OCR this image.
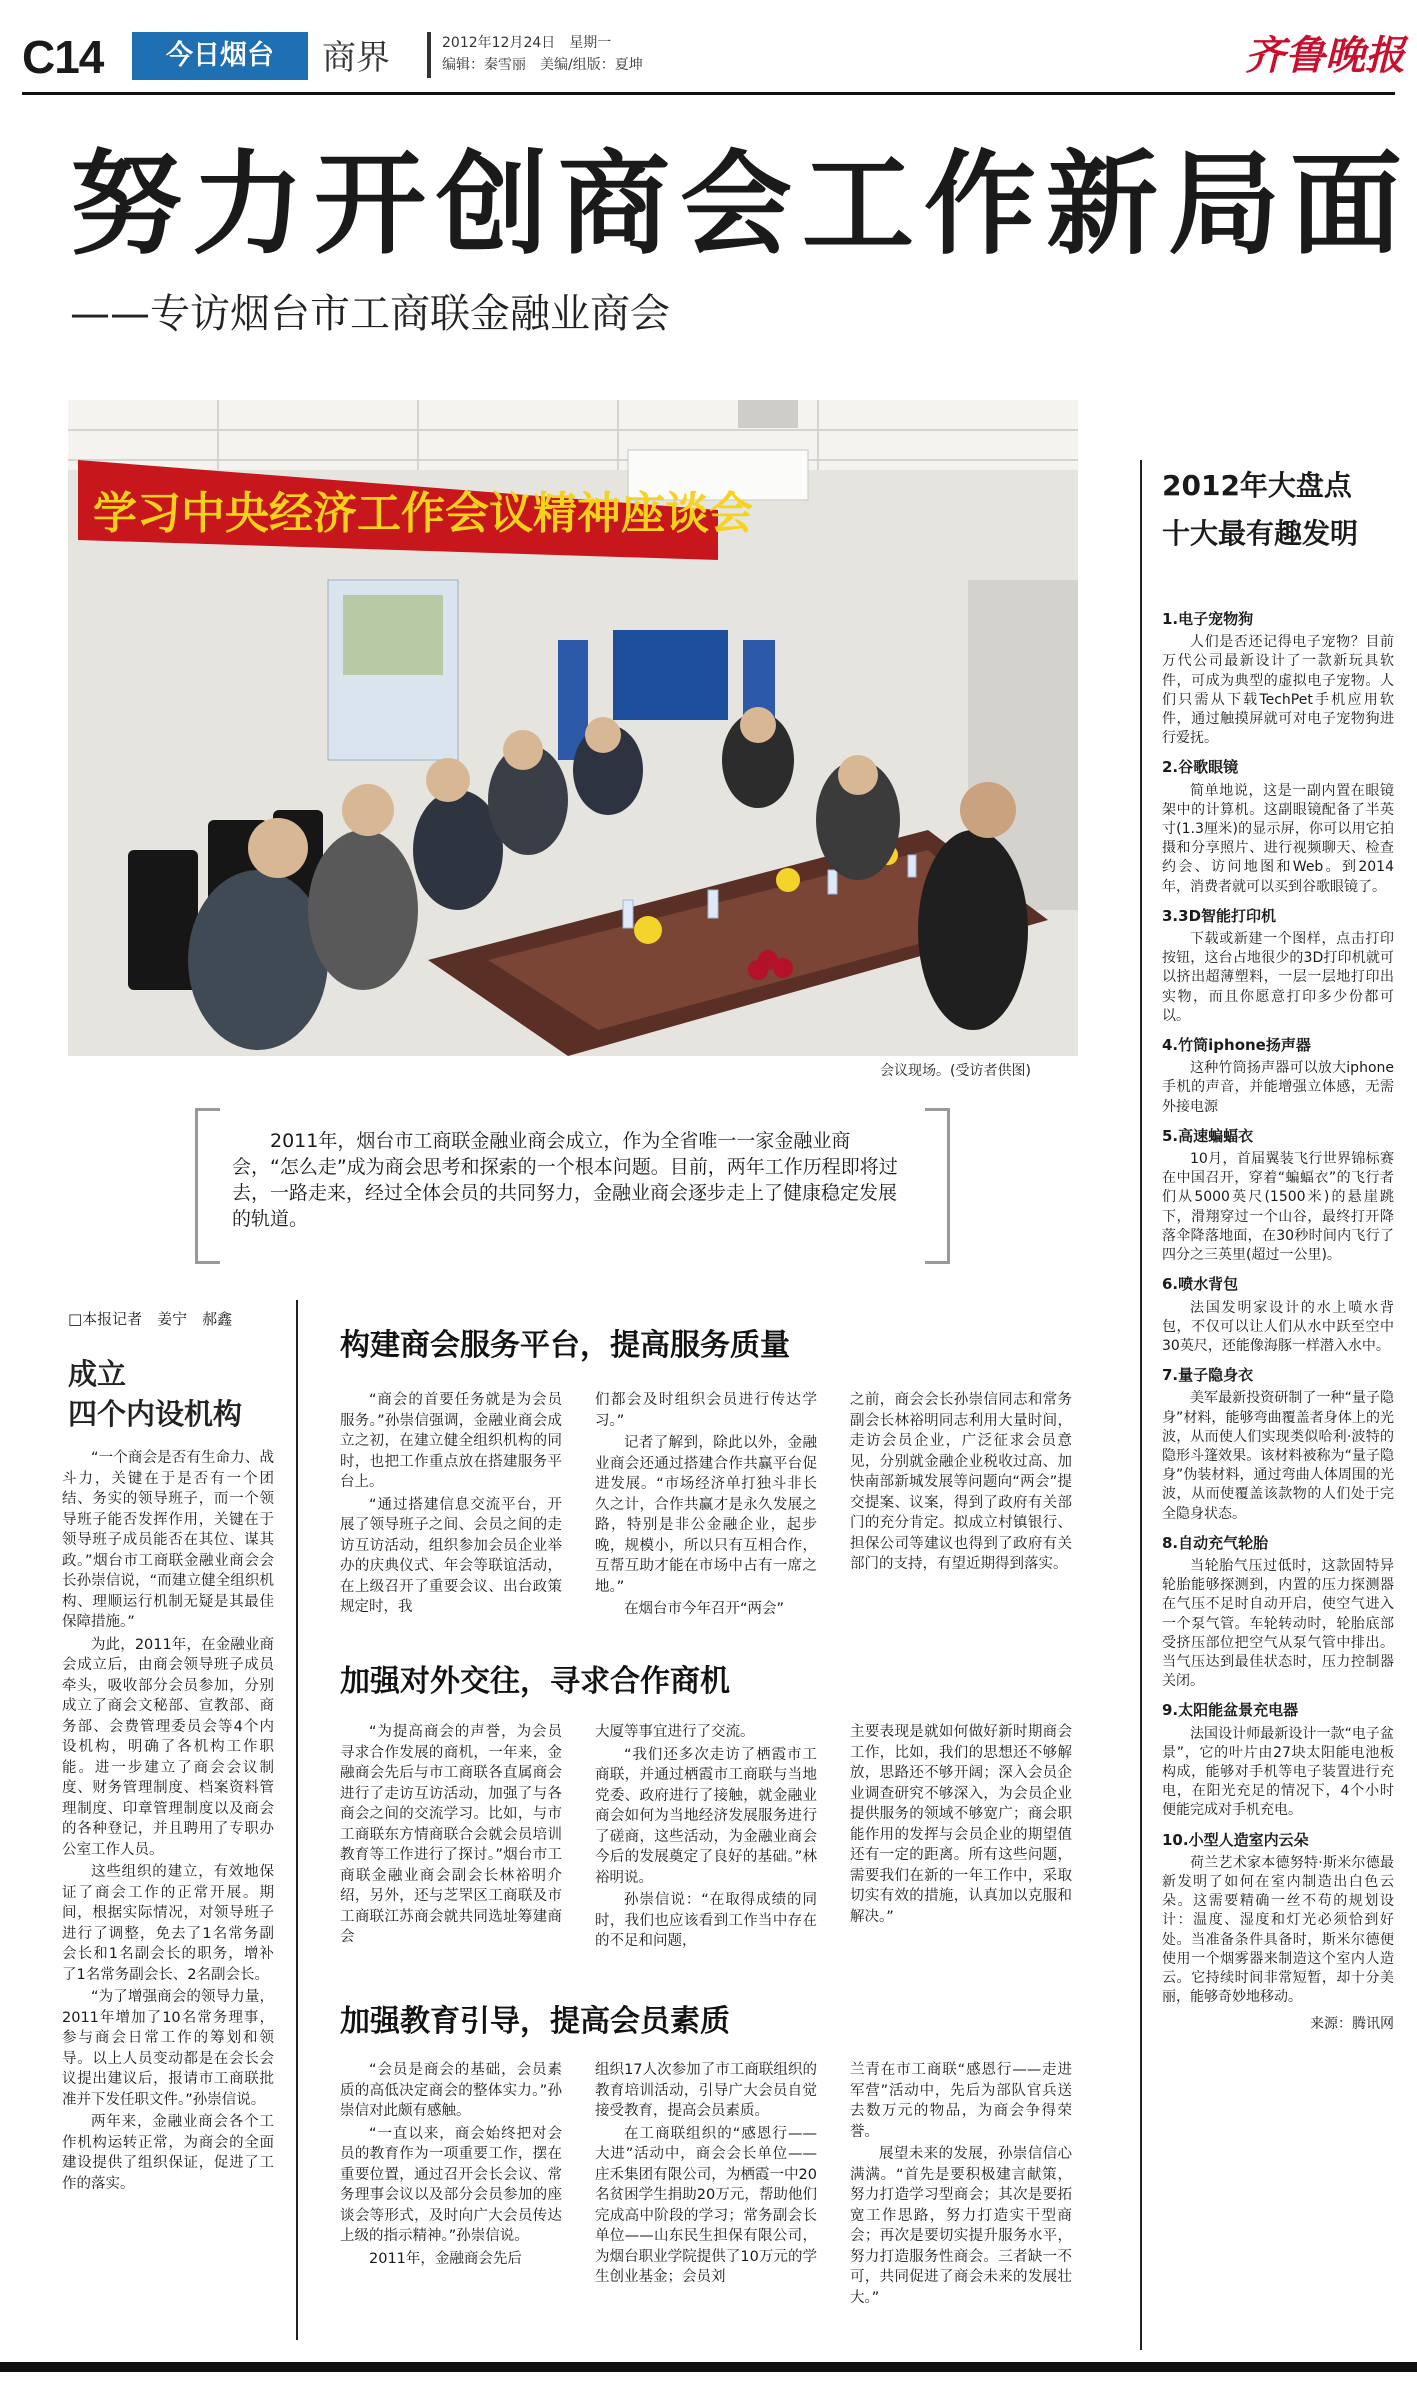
C14	今日烟台	商界	2012年12月24日　星期一
编辑：秦雪丽　美编/组版：夏坤	齐鲁晚报
努力开创商会工作新局面
——专访烟台市工商联金融业商会
学习中央经济工作会议精神座谈会
会议现场。(受访者供图)
2011年，烟台市工商联金融业商会成立，作为全省唯一一家金融业商会，“怎么走”成为商会思考和探索的一个根本问题。目前，两年工作历程即将过去，一路走来，经过全体会员的共同努力，金融业商会逐步走上了健康稳定发展的轨道。
□本报记者　姜宁　郝鑫
成立
四个内设机构

“一个商会是否有生命力、战斗力，关键在于是否有一个团结、务实的领导班子，而一个领导班子能否发挥作用，关键在于领导班子成员能否在其位、谋其政。”烟台市工商联金融业商会会长孙崇信说，“而建立健全组织机构、理顺运行机制无疑是其最佳保障措施。”

为此，2011年，在金融业商会成立后，由商会领导班子成员牵头，吸收部分会员参加，分别成立了商会文秘部、宣教部、商务部、会费管理委员会等4个内设机构，明确了各机构工作职能。进一步建立了商会会议制度、财务管理制度、档案资料管理制度、印章管理制度以及商会的各种登记，并且聘用了专职办公室工作人员。

这些组织的建立，有效地保证了商会工作的正常开展。期间，根据实际情况，对领导班子进行了调整，免去了1名常务副会长和1名副会长的职务，增补了1名常务副会长、2名副会长。

“为了增强商会的领导力量，2011年增加了10名常务理事，参与商会日常工作的筹划和领导。以上人员变动都是在会长会议提出建议后，报请市工商联批准并下发任职文件。”孙崇信说。

两年来，金融业商会各个工作机构运转正常，为商会的全面建设提供了组织保证，促进了工作的落实。

构建商会服务平台，提高服务质量

“商会的首要任务就是为会员服务。”孙崇信强调，金融业商会成立之初，在建立健全组织机构的同时，也把工作重点放在搭建服务平台上。

“通过搭建信息交流平台，开展了领导班子之间、会员之间的走访互访活动，组织参加会员企业举办的庆典仪式、年会等联谊活动，在上级召开了重要会议、出台政策规定时，我

们都会及时组织会员进行传达学习。”

记者了解到，除此以外，金融业商会还通过搭建合作共赢平台促进发展。“市场经济单打独斗非长久之计，合作共赢才是永久发展之路，特别是非公金融企业，起步晚，规模小，所以只有互相合作，互帮互助才能在市场中占有一席之地。”

在烟台市今年召开“两会”

之前，商会会长孙崇信同志和常务副会长林裕明同志利用大量时间，走访会员企业，广泛征求会员意见，分别就金融企业税收过高、加快南部新城发展等问题向“两会”提交提案、议案，得到了政府有关部门的充分肯定。拟成立村镇银行、担保公司等建议也得到了政府有关部门的支持，有望近期得到落实。

加强对外交往，寻求合作商机

“为提高商会的声誉，为会员寻求合作发展的商机，一年来，金融商会先后与市工商联各直属商会进行了走访互访活动，加强了与各商会之间的交流学习。比如，与市工商联东方情商联合会就会员培训教育等工作进行了探讨。”烟台市工商联金融业商会副会长林裕明介绍，另外，还与芝罘区工商联及市工商联江苏商会就共同选址筹建商会

大厦等事宜进行了交流。

“我们还多次走访了栖霞市工商联，并通过栖霞市工商联与当地党委、政府进行了接触，就金融业商会如何为当地经济发展服务进行了磋商，这些活动，为金融业商会今后的发展奠定了良好的基础。”林裕明说。

孙崇信说：“在取得成绩的同时，我们也应该看到工作当中存在的不足和问题，

主要表现是就如何做好新时期商会工作，比如，我们的思想还不够解放，思路还不够开阔；深入会员企业调查研究不够深入，为会员企业提供服务的领域不够宽广；商会职能作用的发挥与会员企业的期望值还有一定的距离。所有这些问题，需要我们在新的一年工作中，采取切实有效的措施，认真加以克服和解决。”

加强教育引导，提高会员素质

“会员是商会的基础，会员素质的高低决定商会的整体实力。”孙崇信对此颇有感触。

“一直以来，商会始终把对会员的教育作为一项重要工作，摆在重要位置，通过召开会长会议、常务理事会议以及部分会员参加的座谈会等形式，及时向广大会员传达上级的指示精神。”孙崇信说。

2011年，金融商会先后

组织17人次参加了市工商联组织的教育培训活动，引导广大会员自觉接受教育，提高会员素质。

在工商联组织的“感恩行——大进”活动中，商会会长单位——庄禾集团有限公司，为栖霞一中20名贫困学生捐助20万元，帮助他们完成高中阶段的学习；常务副会长单位——山东民生担保有限公司，为烟台职业学院提供了10万元的学生创业基金；会员刘

兰青在市工商联“感恩行——走进军营”活动中，先后为部队官兵送去数万元的物品，为商会争得荣誉。

展望未来的发展，孙崇信信心满满。“首先是要积极建言献策，努力打造学习型商会；其次是要拓宽工作思路，努力打造实干型商会；再次是要切实提升服务水平，努力打造服务性商会。三者缺一不可，共同促进了商会未来的发展壮大。”

2012年大盘点
十大最有趣发明
1.电子宠物狗

人们是否还记得电子宠物？目前万代公司最新设计了一款新玩具软件，可成为典型的虚拟电子宠物。人们只需从下载TechPet手机应用软件，通过触摸屏就可对电子宠物狗进行爱抚。

2.谷歌眼镜

简单地说，这是一副内置在眼镜架中的计算机。这副眼镜配备了半英寸(1.3厘米)的显示屏，你可以用它拍摄和分享照片、进行视频聊天、检查约会、访问地图和Web。到2014年，消费者就可以买到谷歌眼镜了。

3.3D智能打印机

下载或新建一个图样，点击打印按钮，这台占地很少的3D打印机就可以挤出超薄塑料，一层一层地打印出实物，而且你愿意打印多少份都可以。

4.竹筒iphone扬声器

这种竹筒扬声器可以放大iphone手机的声音，并能增强立体感，无需外接电源

5.高速蝙蝠衣

10月，首届翼装飞行世界锦标赛在中国召开，穿着“蝙蝠衣”的飞行者们从5000英尺(1500米)的悬崖跳下，滑翔穿过一个山谷，最终打开降落伞降落地面，在30秒时间内飞行了四分之三英里(超过一公里)。

6.喷水背包

法国发明家设计的水上喷水背包，不仅可以让人们从水中跃至空中30英尺，还能像海豚一样潜入水中。

7.量子隐身衣

美军最新投资研制了一种“量子隐身”材料，能够弯曲覆盖者身体上的光波，从而使人们实现类似哈利·波特的隐形斗篷效果。该材料被称为“量子隐身”伪装材料，通过弯曲人体周围的光波，从而使覆盖该款物的人们处于完全隐身状态。

8.自动充气轮胎

当轮胎气压过低时，这款固特异轮胎能够探测到，内置的压力探测器在气压不足时自动开启，使空气进入一个泵气管。车轮转动时，轮胎底部受挤压部位把空气从泵气管中排出。当气压达到最佳状态时，压力控制器关闭。

9.太阳能盆景充电器

法国设计师最新设计一款“电子盆景”，它的叶片由27块太阳能电池板构成，能够对手机等电子装置进行充电，在阳光充足的情况下，4个小时便能完成对手机充电。

10.小型人造室内云朵

荷兰艺术家本德努特·斯米尔德最新发明了如何在室内制造出白色云朵。这需要精确一丝不苟的规划设计：温度、湿度和灯光必须恰到好处。当准备条件具备时，斯米尔德便使用一个烟雾器来制造这个室内人造云。它持续时间非常短暂，却十分美丽，能够奇妙地移动。

来源：腾讯网
